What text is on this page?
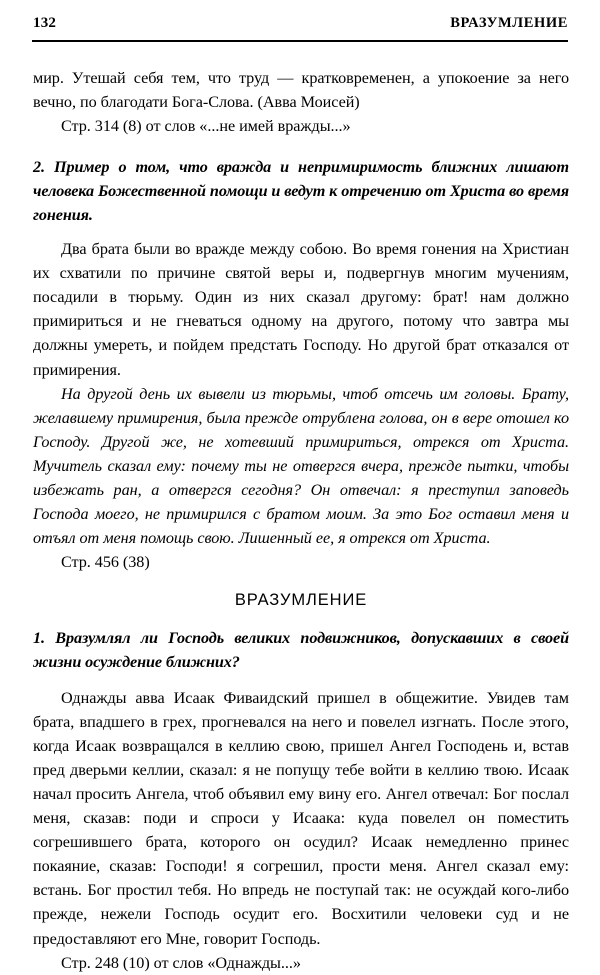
132	ВРАЗУМЛЕНИЕ

мир. Утешай себя тем, что труд — кратковременен, а упокоение за него вечно, по благодати Бога-Слова. (Авва Моисей)

Стр. 314 (8) от слов «...не имей вражды...»

2. Пример о том, что вражда и непримиримость ближних лишают человека Божественной помощи и ведут к отречению от Христа во время гонения.

Два брата были во вражде между собою. Во время гонения на Христиан их схватили по причине святой веры и, подвергнув многим мучениям, посадили в тюрьму. Один из них сказал другому: брат! нам должно примириться и не гневаться одному на другого, потому что завтра мы должны умереть, и пойдем предстать Господу. Но другой брат отказался от примирения.

На другой день их вывели из тюрьмы, чтоб отсечь им головы. Брату, желавшему примирения, была прежде отрублена голова, он в вере отошел ко Господу. Другой же, не хотевший примириться, отрекся от Христа. Мучитель сказал ему: почему ты не отвергся вчера, прежде пытки, чтобы избежать ран, а отвергся сегодня? Он отвечал: я преступил заповедь Господа моего, не примирился с братом моим. За это Бог оставил меня и отъял от меня помощь свою. Лишенный ее, я отрекся от Христа.

Стр. 456 (38)

ВРАЗУМЛЕНИЕ

1. Вразумлял ли Господь великих подвижников, допускавших в своей жизни осуждение ближних?

Однажды авва Исаак Фиваидский пришел в общежитие. Увидев там брата, впадшего в грех, прогневался на него и повелел изгнать. После этого, когда Исаак возвращался в келлию свою, пришел Ангел Господень и, встав пред дверьми келлии, сказал: я не попущу тебе войти в келлию твою. Исаак начал просить Ангела, чтоб объявил ему вину его. Ангел отвечал: Бог послал меня, сказав: поди и спроси у Исаака: куда повелел он поместить согрешившего брата, которого он осудил? Исаак немедленно принес покаяние, сказав: Господи! я согрешил, прости меня. Ангел сказал ему: встань. Бог простил тебя. Но впредь не поступай так: не осуждай кого-либо прежде, нежели Господь осудит его. Восхитили человеки суд и не предоставляют его Мне, говорит Господь.

Стр. 248 (10) от слов «Однажды...»
